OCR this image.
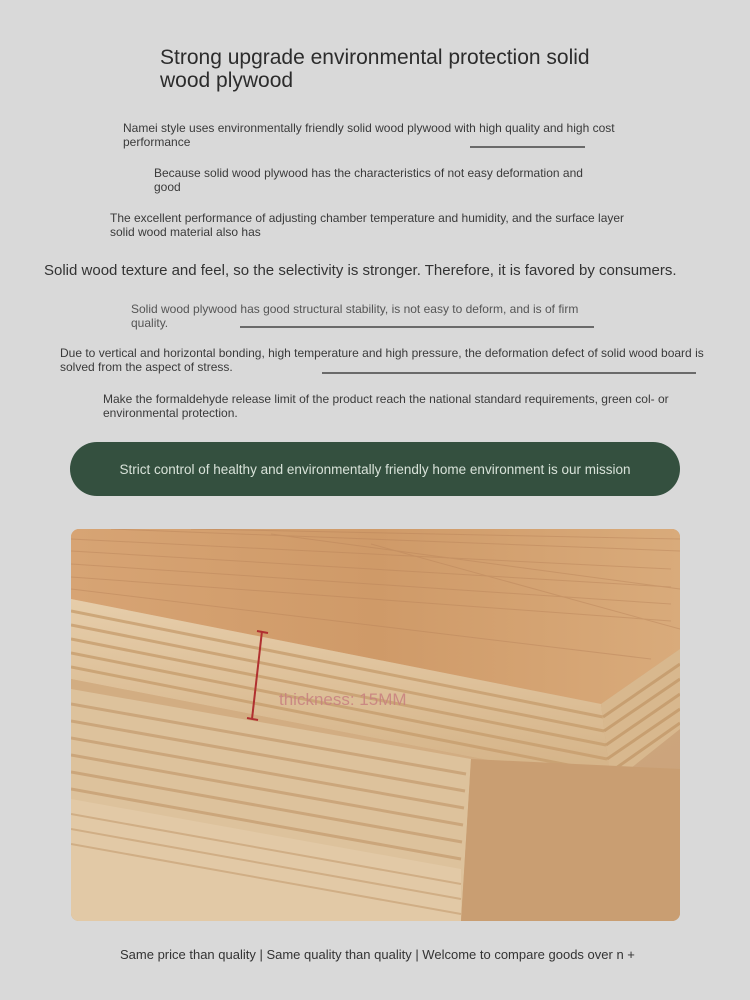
Strong upgrade environmental protection solid wood plywood
Namei style uses environmentally friendly solid wood plywood with high quality and high cost performance
Because solid wood plywood has the characteristics of not easy deformation and good
The excellent performance of adjusting chamber temperature and humidity, and the surface layer solid wood material also has
Solid wood texture and feel, so the selectivity is stronger. Therefore, it is favored by consumers.
Solid wood plywood has good structural stability, is not easy to deform, and is of firm quality.
Due to vertical and horizontal bonding, high temperature and high pressure, the deformation defect of solid wood board is solved from the aspect of stress.
Make the formaldehyde release limit of the product reach the national standard requirements, green col- or environmental protection.
Strict control of healthy and environmentally friendly home environment is our mission
thickness: 15MM
Same price than quality | Same quality than quality | Welcome to compare goods over n +
